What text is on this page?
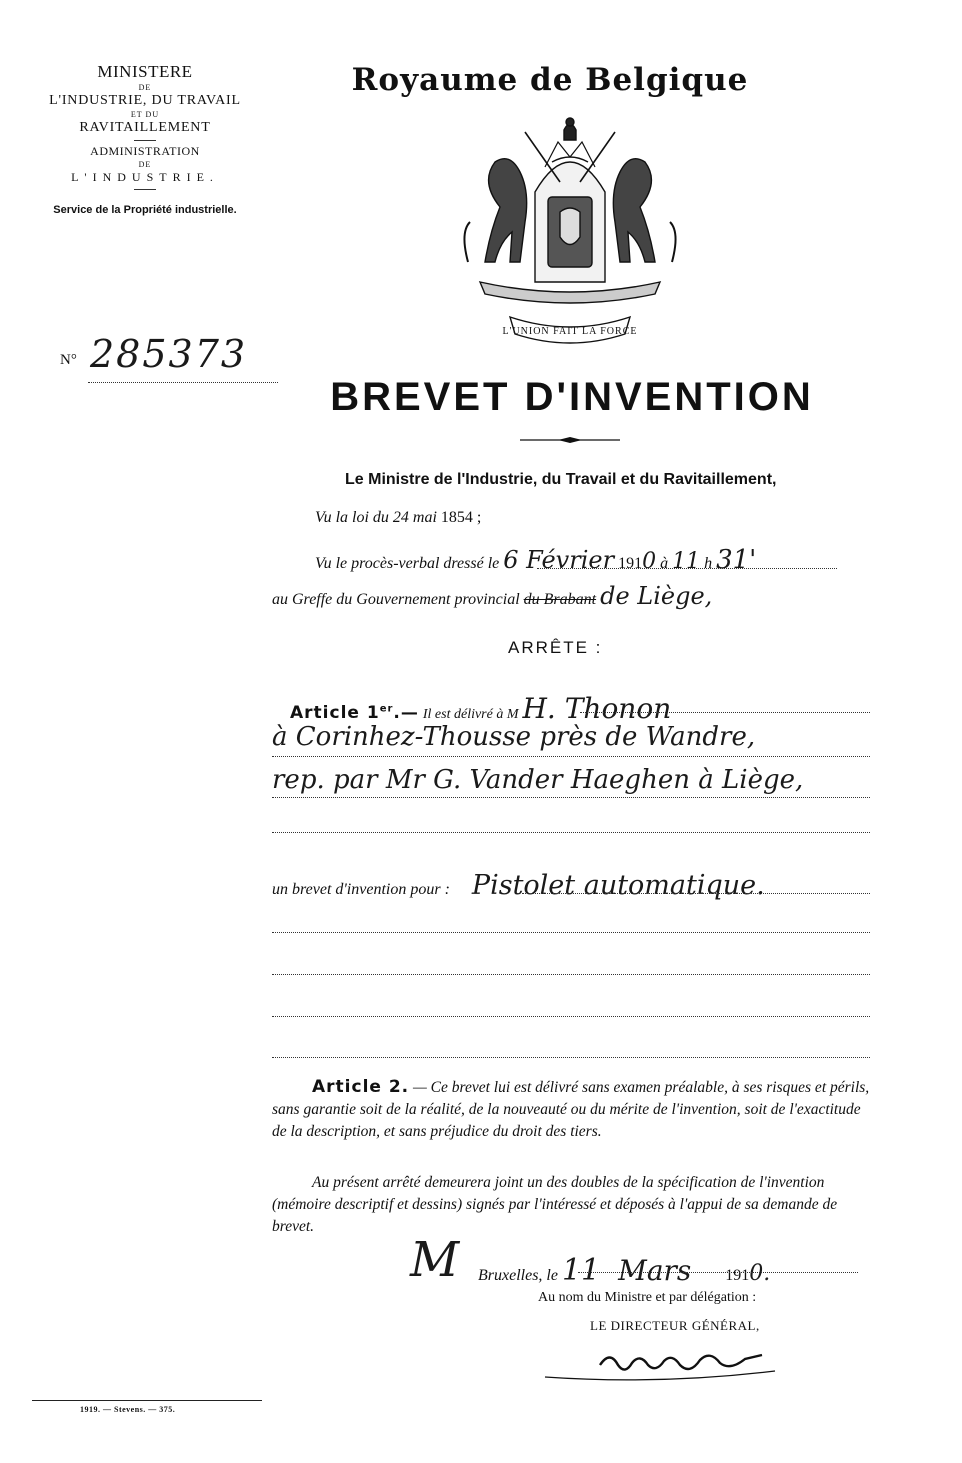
MINISTERE
DE
L'INDUSTRIE, DU TRAVAIL
ET DU
RAVITAILLEMENT
ADMINISTRATION
DE
L'INDUSTRIE.
Service de la Propriété industrielle.
N° 285373
Royaume de Belgique
L'UNION FAIT LA FORCE
BREVET D'INVENTION
Le Ministre de l'Industrie, du Travail et du Ravitaillement,
Vu la loi du 24 mai 1854 ;
Vu le procès-verbal dressé le 6 Février 1910 à 11 h 31'
au Greffe du Gouvernement provincial du Brabant de Liège,
ARRÊTE :
Article 1er.— Il est délivré à M H. Thonon
à Corinhez-Thousse près de Wandre,
rep. par Mr G. Vander Haeghen à Liège,
un brevet d'invention pour : Pistolet automatique.
Article 2. — Ce brevet lui est délivré sans examen préalable, à ses risques et périls, sans garantie soit de la réalité, de la nouveauté ou du mérite de l'invention, soit de l'exactitude de la description, et sans préjudice du droit des tiers.
Au présent arrêté demeurera joint un des doubles de la spécification de l'invention (mémoire descriptif et dessins) signés par l'intéressé et déposés à l'appui de sa demande de brevet.
M Bruxelles, le 11 Mars 1910.
Au nom du Ministre et par délégation :
LE DIRECTEUR GÉNÉRAL,
1919. — Stevens. — 375.
